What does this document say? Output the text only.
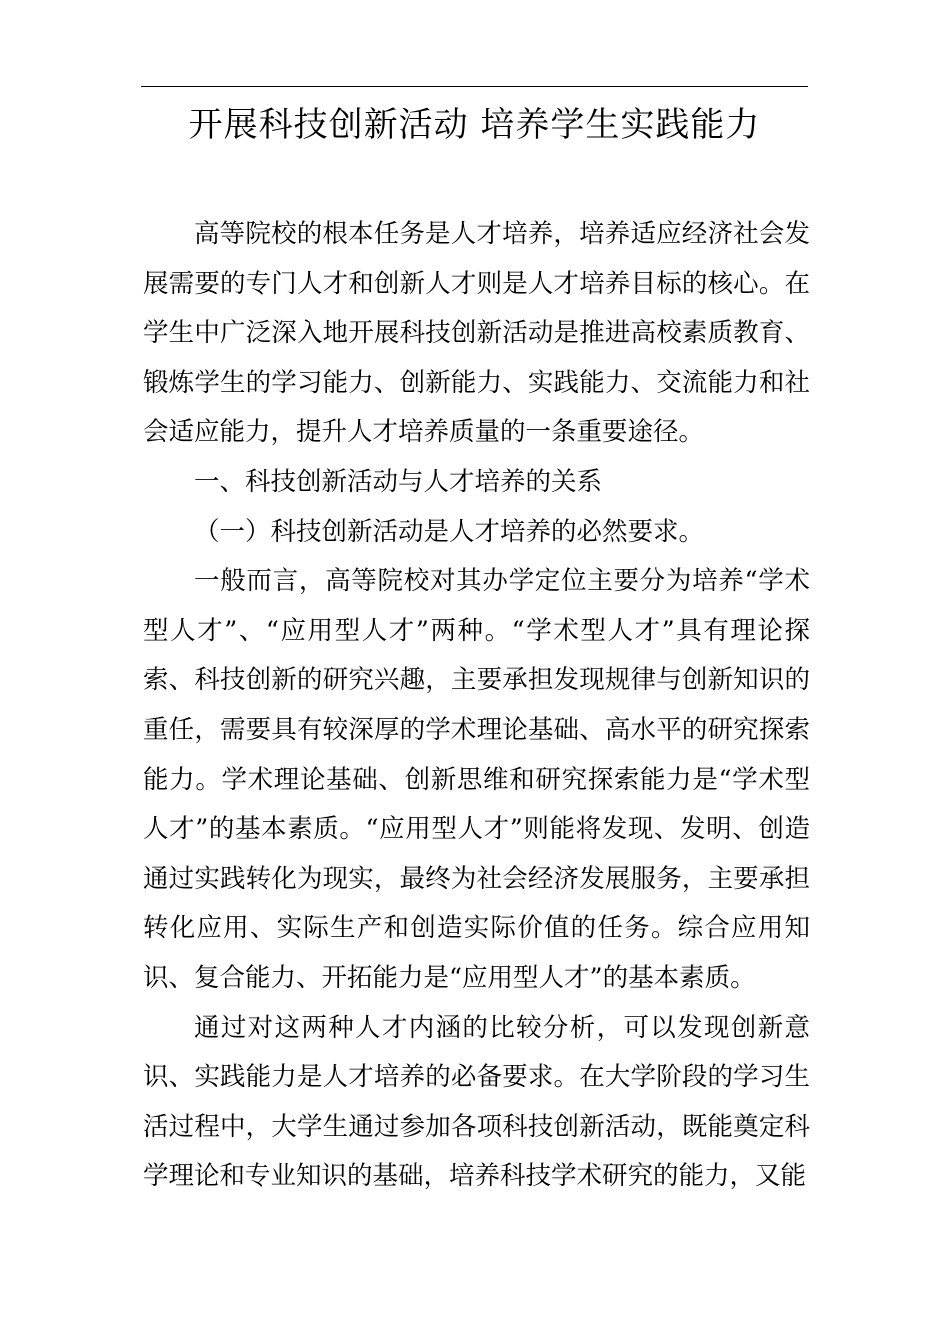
开展科技创新活动 培养学生实践能力

高等院校的根本任务是人才培养，培养适应经济社会发展需要的专门人才和创新人才则是人才培养目标的核心。在学生中广泛深入地开展科技创新活动是推进高校素质教育、锻炼学生的学习能力、创新能力、实践能力、交流能力和社会适应能力，提升人才培养质量的一条重要途径。

一、科技创新活动与人才培养的关系

（一）科技创新活动是人才培养的必然要求。

一般而言，高等院校对其办学定位主要分为培养“学术型人才”、“应用型人才”两种。“学术型人才”具有理论探索、科技创新的研究兴趣，主要承担发现规律与创新知识的重任，需要具有较深厚的学术理论基础、高水平的研究探索能力。学术理论基础、创新思维和研究探索能力是“学术型人才”的基本素质。“应用型人才”则能将发现、发明、创造通过实践转化为现实，最终为社会经济发展服务，主要承担转化应用、实际生产和创造实际价值的任务。综合应用知识、复合能力、开拓能力是“应用型人才”的基本素质。

通过对这两种人才内涵的比较分析，可以发现创新意识、实践能力是人才培养的必备要求。在大学阶段的学习生活过程中，大学生通过参加各项科技创新活动，既能奠定科学理论和专业知识的基础，培养科技学术研究的能力，又能
